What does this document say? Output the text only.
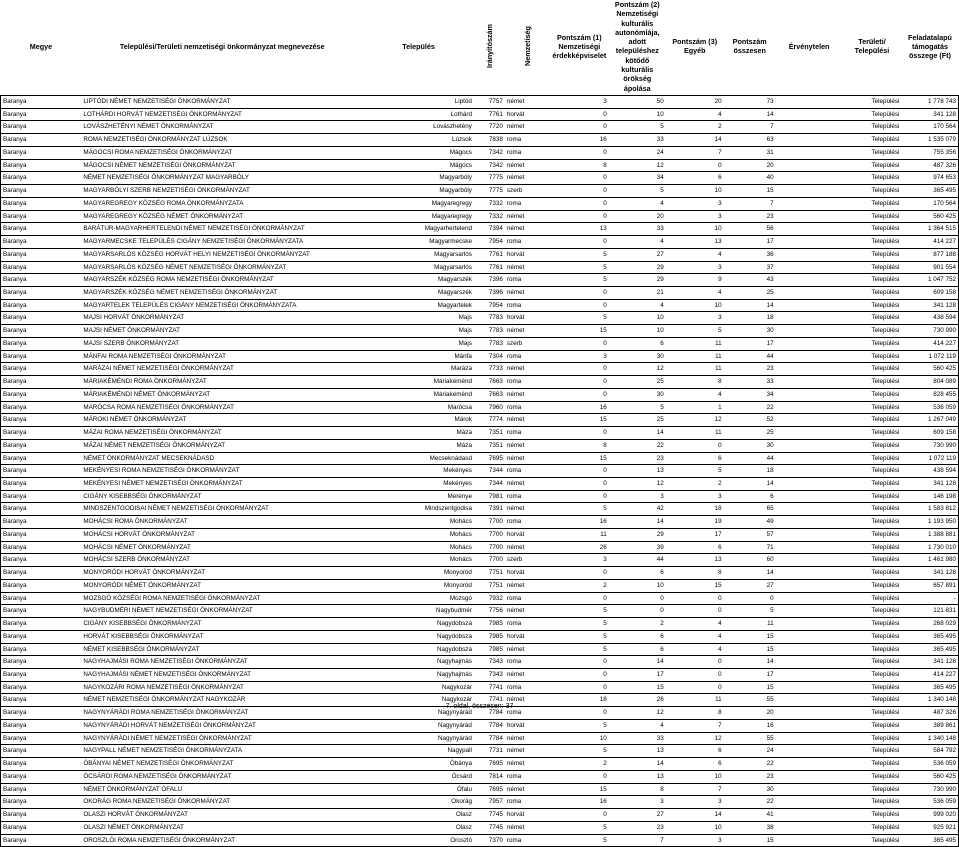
Megye	Települési/Területi nemzetiségi önkormányzat megnevezése	Település	Irányítószám	Nemzetiség	Pontszám (1) Nemzetiségi érdekképviselet	Pontszám (2) Nemzetiségi kulturális autonómiája, adott településhez kötődő kulturális örökség ápolása	Pontszám (3) Egyéb	Pontszám összesen	Érvénytelen	Területi/ Települési	Feladatalapú támogatás összege (Ft)

Baranya	LIPTÓDI NÉMET NEMZETISÉGI ÖNKORMÁNYZAT	Liptód	7757	német	3	50	20	73		Települési	1 778 743
Baranya	LOTHÁRDI HORVÁT NEMZETISÉGI ÖNKORMÁNYZAT	Lothárd	7761	horvát	0	10	4	14		Települési	341 128
Baranya	LOVÁSZHETÉNYI NÉMET ÖNKORMÁNYZAT	Lovászhetény	7720	német	0	5	2	7		Települési	170 564
Baranya	ROMA NEMZETISÉGI ÖNKORMÁNYZAT LÚZSOK	Lúzsok	7838	roma	16	33	14	63		Települési	1 535 079
Baranya	MÁGOCSI ROMA NEMZETISÉGI ÖNKORMÁNYZAT	Mágocs	7342	roma	0	24	7	31		Települési	755 356
Baranya	MÁGOCSI NÉMET NEMZETISÉGI ÖNKORMÁNYZAT	Mágocs	7342	német	8	12	0	20		Települési	487 326
Baranya	NÉMET NEMZETISÉGI ÖNKORMÁNYZAT MAGYARBÓLY	Magyarbóly	7775	német	0	34	6	40		Települési	974 653
Baranya	MAGYARBÓLYI SZERB NEMZETISÉGI ÖNKORMÁNYZAT	Magyarbóly	7775	szerb	0	5	10	15		Települési	365 495
Baranya	MAGYAREGREGY KÖZSÉG ROMA ÖNKORMÁNYZATA	Magyaregregy	7332	roma	0	4	3	7		Települési	170 564
Baranya	MAGYAREGREGY KÖZSÉG NÉMET ÖNKORMÁNYZAT	Magyaregregy	7332	német	0	20	3	23		Települési	560 425
Baranya	BARÁTUR-MAGYARHERTELENDI NÉMET NEMZETISÉGI ÖNKORMÁNYZAT	Magyarhertelend	7394	német	13	33	10	56		Települési	1 364 515
Baranya	MAGYARMECSKE TELEPÜLÉS CIGÁNY NEMZETISÉGI ÖNKORMÁNYZATA	Magyarmecske	7954	roma	0	4	13	17		Települési	414 227
Baranya	MAGYARSARLÓS KÖZSÉG HORVÁT HELYI NEMZETISÉGI ÖNKORMÁNYZAT	Magyarsarlós	7761	horvát	5	27	4	36		Települési	877 188
Baranya	MAGYARSARLÓS KÖZSÉG NÉMET NEMZETISÉGI ÖNKORMÁNYZAT	Magyarsarlós	7761	német	5	29	3	37		Települési	901 554
Baranya	MAGYARSZÉK KÖZSÉG ROMA NEMZETISÉGI ÖNKORMÁNYZAT	Magyarszék	7396	roma	5	29	9	43		Települési	1 047 752
Baranya	MAGYARSZÉK KÖZSÉG NÉMET NEMZETISÉGI ÖNKORMÁNYZAT	Magyarszék	7396	német	0	21	4	25		Települési	609 158
Baranya	MAGYARTELEK TELEPÜLÉS CIGÁNY NEMZETISÉGI ÖNKORMÁNYZATA	Magyartelek	7954	roma	0	4	10	14		Települési	341 128
Baranya	MAJSI HORVÁT ÖNKORMÁNYZAT	Majs	7783	horvát	5	10	3	18		Települési	438 594
Baranya	MAJSI NÉMET ÖNKORMÁNYZAT	Majs	7783	német	15	10	5	30		Települési	730 990
Baranya	MAJSI SZERB ÖNKORMÁNYZAT	Majs	7783	szerb	0	6	11	17		Települési	414 227
Baranya	MÁNFAI ROMA NEMZETISÉGI ÖNKORMÁNYZAT	Mánfa	7304	roma	3	30	11	44		Települési	1 072 119
Baranya	MARÁZAI NÉMET NEMZETISÉGI ÖNKORMÁNYZAT	Maráza	7733	német	0	12	11	23		Települési	560 425
Baranya	MÁRIAKÉMÉNDI ROMA ÖNKORMÁNYZAT	Máriakéménd	7663	roma	0	25	8	33		Települési	804 089
Baranya	MÁRIAKÉMÉNDI NÉMET ÖNKORMÁNYZAT	Máriakéménd	7663	német	0	30	4	34		Települési	828 455
Baranya	MARÓCSA ROMA NEMZETISÉGI ÖNKORMÁNYZAT	Marócsa	7960	roma	16	5	1	22		Települési	536 059
Baranya	MÁROKI NÉMET ÖNKORMÁNYZAT	Márok	7774	német	15	25	12	52		Települési	1 267 049
Baranya	MÁZAI ROMA NEMZETISÉGI ÖNKORMÁNYZAT	Máza	7351	roma	0	14	11	25		Települési	609 158
Baranya	MÁZAI NÉMET NEMZETISÉGI ÖNKORMÁNYZAT	Máza	7351	német	8	22	0	30		Települési	730 990
Baranya	NÉMET ÖNKORMÁNYZAT MECSEKNÁDASD	Mecseknádasd	7695	német	15	23	6	44		Települési	1 072 119
Baranya	MEKÉNYESI ROMA NEMZETISÉGI ÖNKORMÁNYZAT	Mekényes	7344	roma	0	13	5	18		Települési	438 594
Baranya	MEKÉNYESI NÉMET NEMZETISÉGI ÖNKORMÁNYZAT	Mekényes	7344	német	0	12	2	14		Települési	341 128
Baranya	CIGÁNY KISEBBSÉGI ÖNKORMÁNYZAT	Merenye	7981	roma	0	3	3	6		Települési	146 198
Baranya	MINDSZENTGODISAI NÉMET NEMZETISÉGI ÖNKORMÁNYZAT	Mindszentgodisa	7391	német	5	42	18	65		Települési	1 583 812
Baranya	MOHÁCSI ROMA ÖNKORMÁNYZAT	Mohács	7700	roma	16	14	19	49		Települési	1 193 950
Baranya	MOHÁCSI HORVÁT ÖNKORMÁNYZAT	Mohács	7700	horvát	11	29	17	57		Települési	1 388 881
Baranya	MOHÁCSI NÉMET ÖNKORMÁNYZAT	Mohács	7700	német	26	39	6	71		Települési	1 730 010
Baranya	MOHÁCSI SZERB ÖNKORMÁNYZAT	Mohács	7700	szerb	3	44	13	60		Települési	1 461 980
Baranya	MONYORÓDI HORVÁT ÖNKORMÁNYZAT	Monyoród	7751	horvát	0	6	8	14		Települési	341 128
Baranya	MONYORÓDI NÉMET ÖNKORMÁNYZAT	Monyoród	7751	német	2	10	15	27		Települési	657 891
Baranya	MOZSGÓ KÖZSÉGI ROMA NEMZETISÉGI ÖNKORMÁNYZAT	Mozsgó	7932	roma	0	0	0	0		Települési	-
Baranya	NAGYBUDMÉRI NÉMET NEMZETISÉGI ÖNKORMÁNYZAT	Nagybudmér	7756	német	5	0	0	5		Települési	121 831
Baranya	CIGÁNY KISEBBSÉGI ÖNKORMÁNYZAT	Nagydobsza	7985	roma	5	2	4	11		Települési	268 029
Baranya	HORVÁT KISEBBSÉGI ÖNKORMÁNYZAT	Nagydobsza	7985	horvát	5	6	4	15		Települési	365 495
Baranya	NÉMET KISEBBSÉGI ÖNKORMÁNYZAT	Nagydobsza	7985	német	5	6	4	15		Települési	365 495
Baranya	NAGYHAJMÁSI ROMA NEMZETISÉGI ÖNKORMÁNYZAT	Nagyhajmás	7343	roma	0	14	0	14		Települési	341 128
Baranya	NAGYHAJMÁSI NÉMET NEMZETISÉGI ÖNKORMÁNYZAT	Nagyhajmás	7343	német	0	17	0	17		Települési	414 227
Baranya	NAGYKOZÁRI ROMA NEMZETISÉGI ÖNKORMÁNYZAT	Nagykozár	7741	roma	0	15	0	15		Települési	365 495
Baranya	NÉMET NEMZETISÉGI ÖNKORMÁNYZAT NAGYKOZÁR	Nagykozár	7741	német	18	26	11	55		Települési	1 340 148
Baranya	NAGYNYÁRÁDI ROMA NEMZETISÉGI ÖNKORMÁNYZAT	Nagynyárád	7784	roma	0	12	8	20		Települési	487 326
Baranya	NAGYNYÁRÁDI HORVÁT NEMZETISÉGI ÖNKORMÁNYZAT	Nagynyárád	7784	horvát	5	4	7	16		Települési	389 861
Baranya	NAGYNYÁRÁDI NÉMET NEMZETISÉGI ÖNKORMÁNYZAT	Nagynyárád	7784	német	10	33	12	55		Települési	1 340 148
Baranya	NAGYPALL NÉMET NEMZETISÉGI ÖNKORMÁNYZATA	Nagypall	7731	német	5	13	6	24		Települési	584 792
Baranya	ÓBÁNYAI NÉMET NEMZETISÉGI ÖNKORMÁNYZAT	Óbánya	7695	német	2	14	6	22		Települési	536 059
Baranya	ÓCSÁRDI ROMA NEMZETISÉGI ÖNKORMÁNYZAT	Ócsárd	7814	roma	0	13	10	23		Települési	560 425
Baranya	NÉMET ÖNKORMÁNYZAT ÓFALU	Ófalu	7695	német	15	8	7	30		Települési	730 990
Baranya	OKORÁG ROMA NEMZETISÉGI ÖNKORMÁNYZAT	Okorág	7957	roma	16	3	3	22		Települési	536 059
Baranya	OLASZI HORVÁT ÖNKORMÁNYZAT	Olasz	7745	horvát	0	27	14	41		Települési	999 020
Baranya	OLASZI NÉMET ÖNKORMÁNYZAT	Olasz	7745	német	5	23	10	38		Települési	925 921
Baranya	OROSZLÓI ROMA NEMZETISÉGI ÖNKORMÁNYZAT	Oroszló	7370	roma	5	7	3	15		Települési	365 495
7. oldal, összesen: 37
